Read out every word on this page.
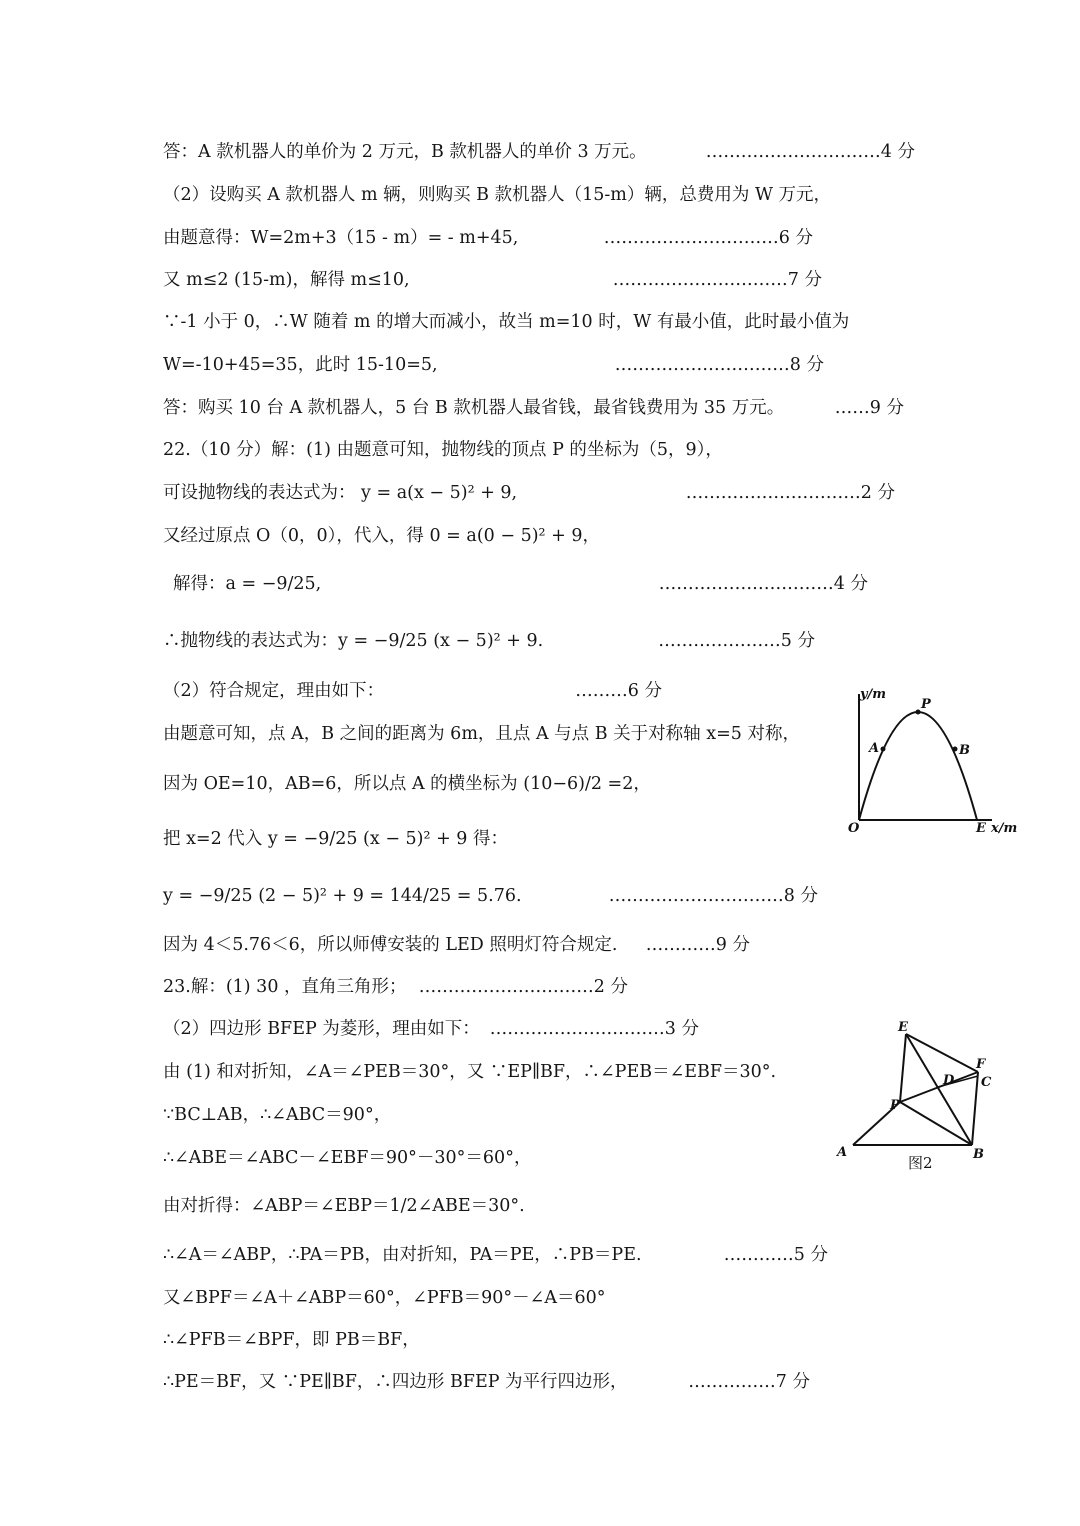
答：A 款机器人的单价为 2 万元，B 款机器人的单价 3 万元。
（2）设购买 A 款机器人 m 辆，则购买 B 款机器人（15-m）辆，总费用为 W 万元，
由题意得：W=2m+3（15 - m）= - m+45,
又 m≤2 (15-m)，解得 m≤10,
∵-1 小于 0，∴W 随着 m 的增大而减小，故当 m=10 时，W 有最小值，此时最小值为
W=-10+45=35，此时 15-10=5,
答：购买 10 台 A 款机器人，5 台 B 款机器人最省钱，最省钱费用为 35 万元。
22.（10 分）解：(1) 由题意可知，抛物线的顶点 P 的坐标为（5，9），
可设抛物线的表达式为： y = a(x − 5)² + 9,
又经过原点 O（0，0），代入，得 0 = a(0 − 5)² + 9，
解得：a = −9/25,
∴抛物线的表达式为：y = −9/25 (x − 5)² + 9.
（2）符合规定，理由如下：
由题意可知，点 A，B 之间的距离为 6m，且点 A 与点 B 关于对称轴 x=5 对称，
因为 OE=10，AB=6，所以点 A 的横坐标为 (10−6)/2 =2，
把 x=2 代入 y = −9/25 (x − 5)² + 9 得：
y = −9/25 (2 − 5)² + 9 = 144/25 = 5.76.
因为 4＜5.76＜6，所以师傅安装的 LED 照明灯符合规定.
23.解：(1) 30 ，直角三角形；
（2）四边形 BFEP 为菱形，理由如下：
由 (1) 和对折知，∠A＝∠PEB＝30°，又 ∵EP∥BF，∴∠PEB＝∠EBF＝30°.
∵BC⊥AB，∴∠ABC＝90°，
∴∠ABE＝∠ABC－∠EBF＝90°－30°＝60°，
由对折得：∠ABP＝∠EBP＝1/2∠ABE＝30°.
∴∠A＝∠ABP，∴PA＝PB，由对折知，PA＝PE，∴PB＝PE.
又∠BPF＝∠A＋∠ABP＝60°，∠PFB＝90°－∠A＝60°
∴∠PFB＝∠BPF，即 PB＝BF，
∴PE＝BF，又 ∵PE∥BF，∴四边形 BFEP 为平行四边形，
…………………………4 分
…………………………6 分
…………………………7 分
…………………………8 分
……9 分
…………………………2 分
…………………………4 分
…………………5 分
………6 分
…………………………8 分
…………9 分
…………………………2 分
…………………………3 分
…………5 分
……………7 分
y/m
P
A	B
O	E x/m
E
F
C
D
P
A	B
图2
